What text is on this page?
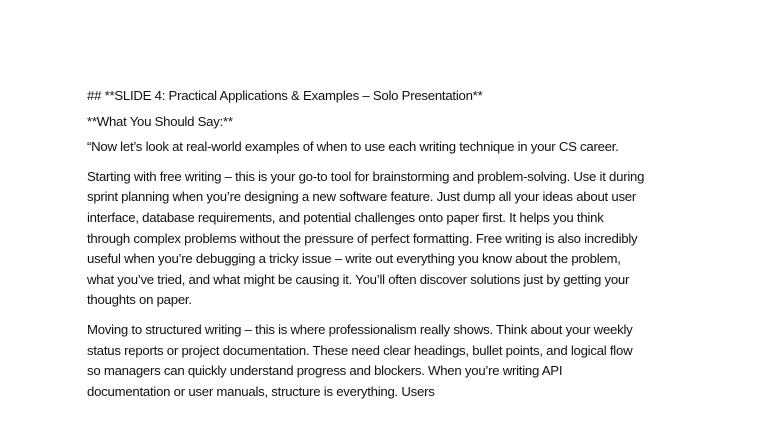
## **SLIDE 4: Practical Applications & Examples – Solo Presentation**

**What You Should Say:**

“Now let’s look at real-world examples of when to use each writing technique in your CS career.

Starting with free writing – this is your go-to tool for brainstorming and problem-solving. Use it during sprint planning when you’re designing a new software feature. Just dump all your ideas about user interface, database requirements, and potential challenges onto paper first. It helps you think through complex problems without the pressure of perfect formatting. Free writing is also incredibly useful when you’re debugging a tricky issue – write out everything you know about the problem, what you’ve tried, and what might be causing it. You’ll often discover solutions just by getting your thoughts on paper.

Moving to structured writing – this is where professionalism really shows. Think about your weekly status reports or project documentation. These need clear headings, bullet points, and logical flow so managers can quickly understand progress and blockers. When you’re writing API documentation or user manuals, structure is everything. Users
